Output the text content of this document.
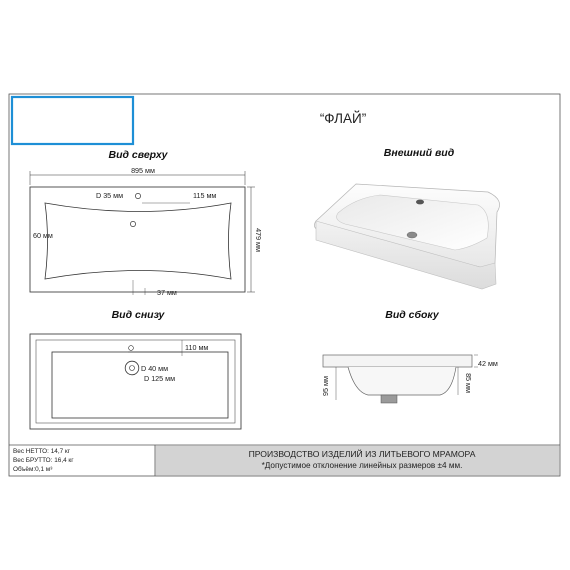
“ФЛАЙ”
Вид сверху	Внешний вид
Вид снизу	Вид сбоку
895 мм
D 35 мм	115 мм
60 мм	479 мм
37 мм
110 мм
D 40 мм
D 125 мм
42 мм
85 мм
95 мм
Вес НЕТТО: 14,7 кг
Вес БРУТТО: 16,4 кг
Объём:0,1 м³
ПРОИЗВОДСТВО ИЗДЕЛИЙ ИЗ ЛИТЬЕВОГО МРАМОРА
*Допустимое отклонение линейных размеров ±4 мм.
